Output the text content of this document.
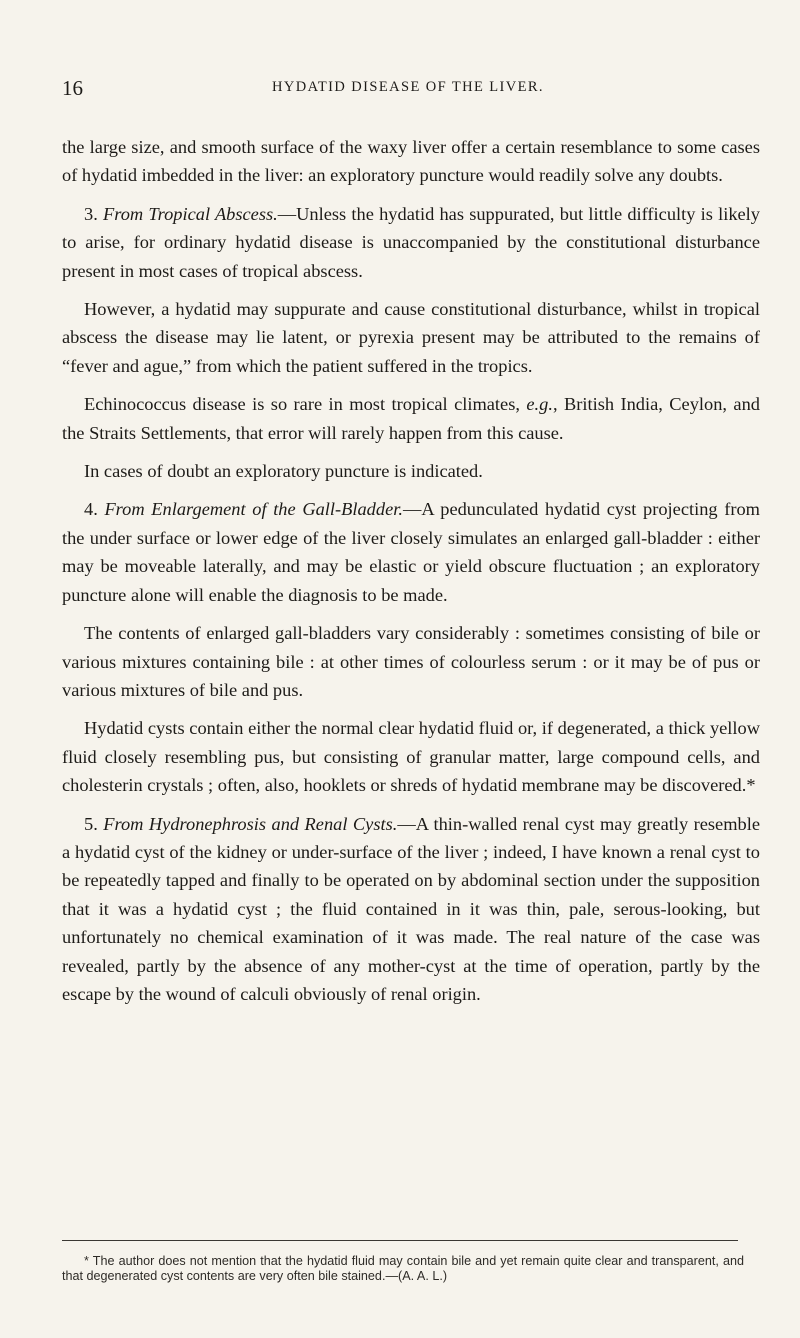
16	HYDATID DISEASE OF THE LIVER.

the large size, and smooth surface of the waxy liver offer a certain resemblance to some cases of hydatid imbedded in the liver: an exploratory puncture would readily solve any doubts.

3. From Tropical Abscess.—Unless the hydatid has suppurated, but little difficulty is likely to arise, for ordinary hydatid disease is unaccompanied by the constitutional disturbance present in most cases of tropical abscess.

However, a hydatid may suppurate and cause constitutional disturbance, whilst in tropical abscess the disease may lie latent, or pyrexia present may be attributed to the remains of “fever and ague,” from which the patient suffered in the tropics.

Echinococcus disease is so rare in most tropical climates, e.g., British India, Ceylon, and the Straits Settlements, that error will rarely happen from this cause.

In cases of doubt an exploratory puncture is indicated.

4. From Enlargement of the Gall-Bladder.—A pedunculated hydatid cyst projecting from the under surface or lower edge of the liver closely simulates an enlarged gall-bladder : either may be moveable laterally, and may be elastic or yield obscure fluctuation ; an exploratory puncture alone will enable the diagnosis to be made.

The contents of enlarged gall-bladders vary considerably : sometimes consisting of bile or various mixtures containing bile : at other times of colourless serum : or it may be of pus or various mixtures of bile and pus.

Hydatid cysts contain either the normal clear hydatid fluid or, if degenerated, a thick yellow fluid closely resembling pus, but consisting of granular matter, large compound cells, and cholesterin crystals ; often, also, hooklets or shreds of hydatid membrane may be discovered.*

5. From Hydronephrosis and Renal Cysts.—A thin-walled renal cyst may greatly resemble a hydatid cyst of the kidney or under-surface of the liver ; indeed, I have known a renal cyst to be repeatedly tapped and finally to be operated on by abdominal section under the supposition that it was a hydatid cyst ; the fluid contained in it was thin, pale, serous-looking, but unfortunately no chemical examination of it was made. The real nature of the case was revealed, partly by the absence of any mother-cyst at the time of operation, partly by the escape by the wound of calculi obviously of renal origin.

* The author does not mention that the hydatid fluid may contain bile and yet remain quite clear and transparent, and that degenerated cyst contents are very often bile stained.—(A. A. L.)
